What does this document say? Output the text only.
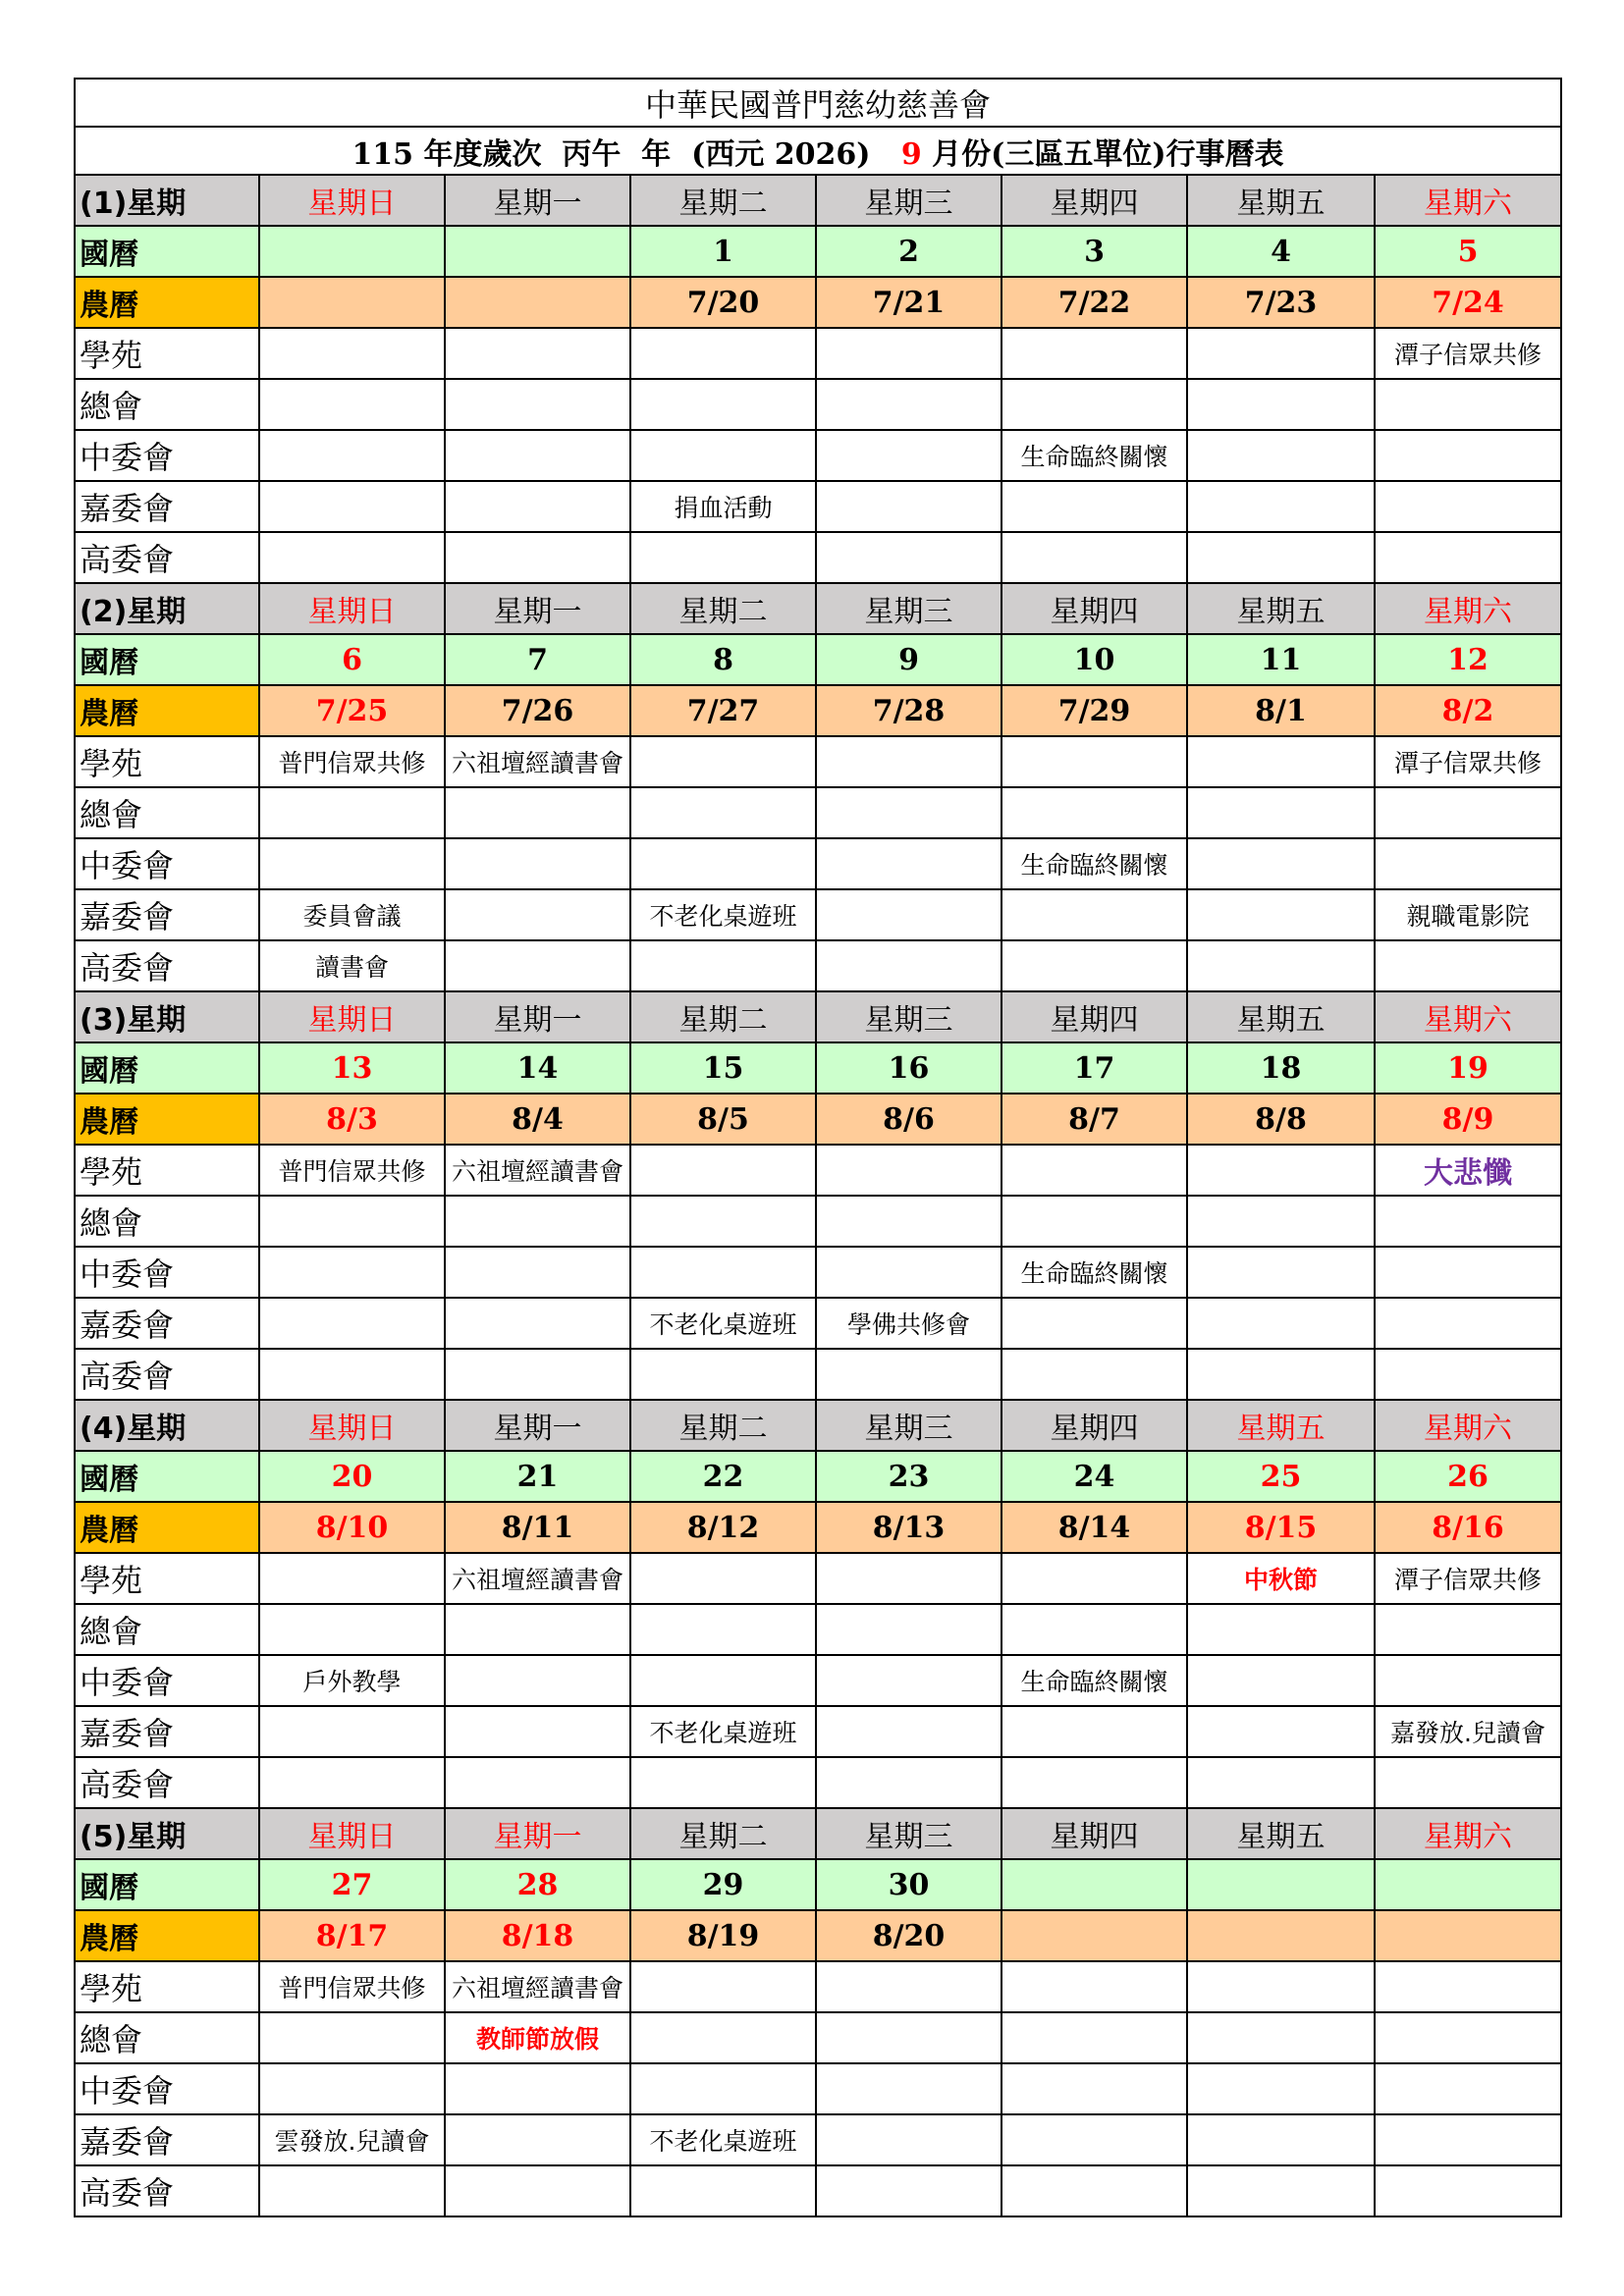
中華民國普門慈幼慈善會							
115 年度歲次  丙午  年  (西元 2026)   9 月份(三區五單位)行事曆表							
(1)星期	星期日	星期一	星期二	星期三	星期四	星期五	星期六
國曆			1	2	3	4	5
農曆			7/20	7/21	7/22	7/23	7/24
學苑							潭子信眾共修
總會							
中委會					生命臨終關懷		
嘉委會			捐血活動				
高委會							
(2)星期	星期日	星期一	星期二	星期三	星期四	星期五	星期六
國曆	6	7	8	9	10	11	12
農曆	7/25	7/26	7/27	7/28	7/29	8/1	8/2
學苑	普門信眾共修	六祖壇經讀書會					潭子信眾共修
總會							
中委會					生命臨終關懷		
嘉委會	委員會議		不老化桌遊班				親職電影院
高委會	讀書會						
(3)星期	星期日	星期一	星期二	星期三	星期四	星期五	星期六
國曆	13	14	15	16	17	18	19
農曆	8/3	8/4	8/5	8/6	8/7	8/8	8/9
學苑	普門信眾共修	六祖壇經讀書會					大悲懺
總會							
中委會					生命臨終關懷		
嘉委會			不老化桌遊班	學佛共修會			
高委會							
(4)星期	星期日	星期一	星期二	星期三	星期四	星期五	星期六
國曆	20	21	22	23	24	25	26
農曆	8/10	8/11	8/12	8/13	8/14	8/15	8/16
學苑		六祖壇經讀書會				中秋節	潭子信眾共修
總會							
中委會	戶外教學				生命臨終關懷		
嘉委會			不老化桌遊班				嘉發放.兒讀會
高委會							
(5)星期	星期日	星期一	星期二	星期三	星期四	星期五	星期六
國曆	27	28	29	30			
農曆	8/17	8/18	8/19	8/20			
學苑	普門信眾共修	六祖壇經讀書會					
總會		教師節放假					
中委會							
嘉委會	雲發放.兒讀會		不老化桌遊班				
高委會							
